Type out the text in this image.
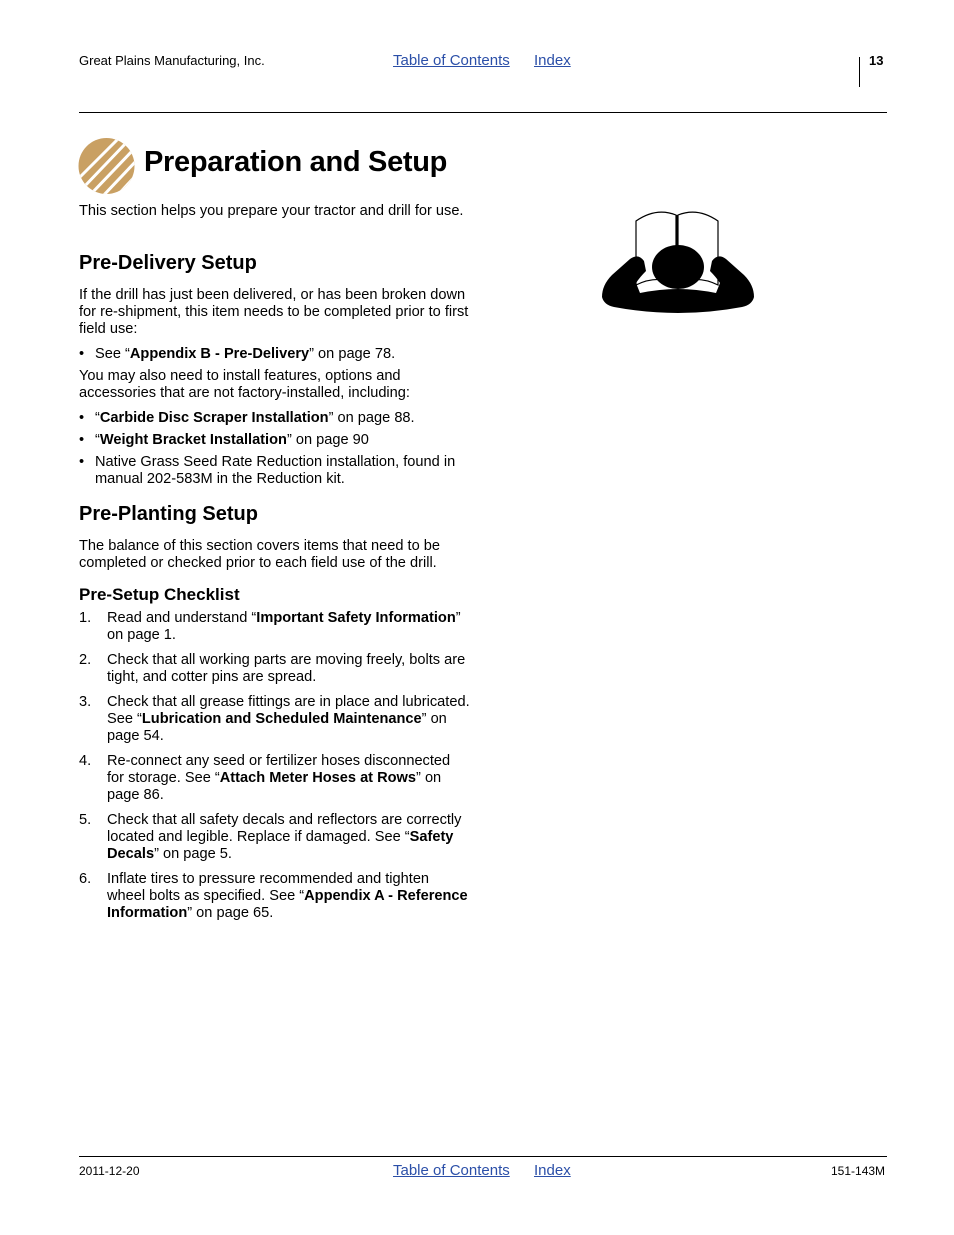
Great Plains Manufacturing, Inc.	Table of Contents Index	13
Preparation and Setup

This section helps you prepare your tractor and drill for use.

Pre-Delivery Setup

If the drill has just been delivered, or has been broken down for re-shipment, this item needs to be completed prior to first field use:

• See “Appendix B - Pre-Delivery” on page 78.

You may also need to install features, options and accessories that are not factory-installed, including:

• “Carbide Disc Scraper Installation” on page 88.
• “Weight Bracket Installation” on page 90
• Native Grass Seed Rate Reduction installation, found in manual 202-583M in the Reduction kit.
Pre-Planting Setup

The balance of this section covers items that need to be completed or checked prior to each field use of the drill.

Pre-Setup Checklist
1. Read and understand “Important Safety Information” on page 1.
2. Check that all working parts are moving freely, bolts are tight, and cotter pins are spread.
3. Check that all grease fittings are in place and lubricated. See “Lubrication and Scheduled Maintenance” on page 54.
4. Re-connect any seed or fertilizer hoses disconnected for storage. See “Attach Meter Hoses at Rows” on page 86.
5. Check that all safety decals and reflectors are correctly located and legible. Replace if damaged. See “Safety Decals” on page 5.
6. Inflate tires to pressure recommended and tighten wheel bolts as specified. See “Appendix A - Reference Information” on page 65.
2011-12-20	Table of Contents Index	151-143M
